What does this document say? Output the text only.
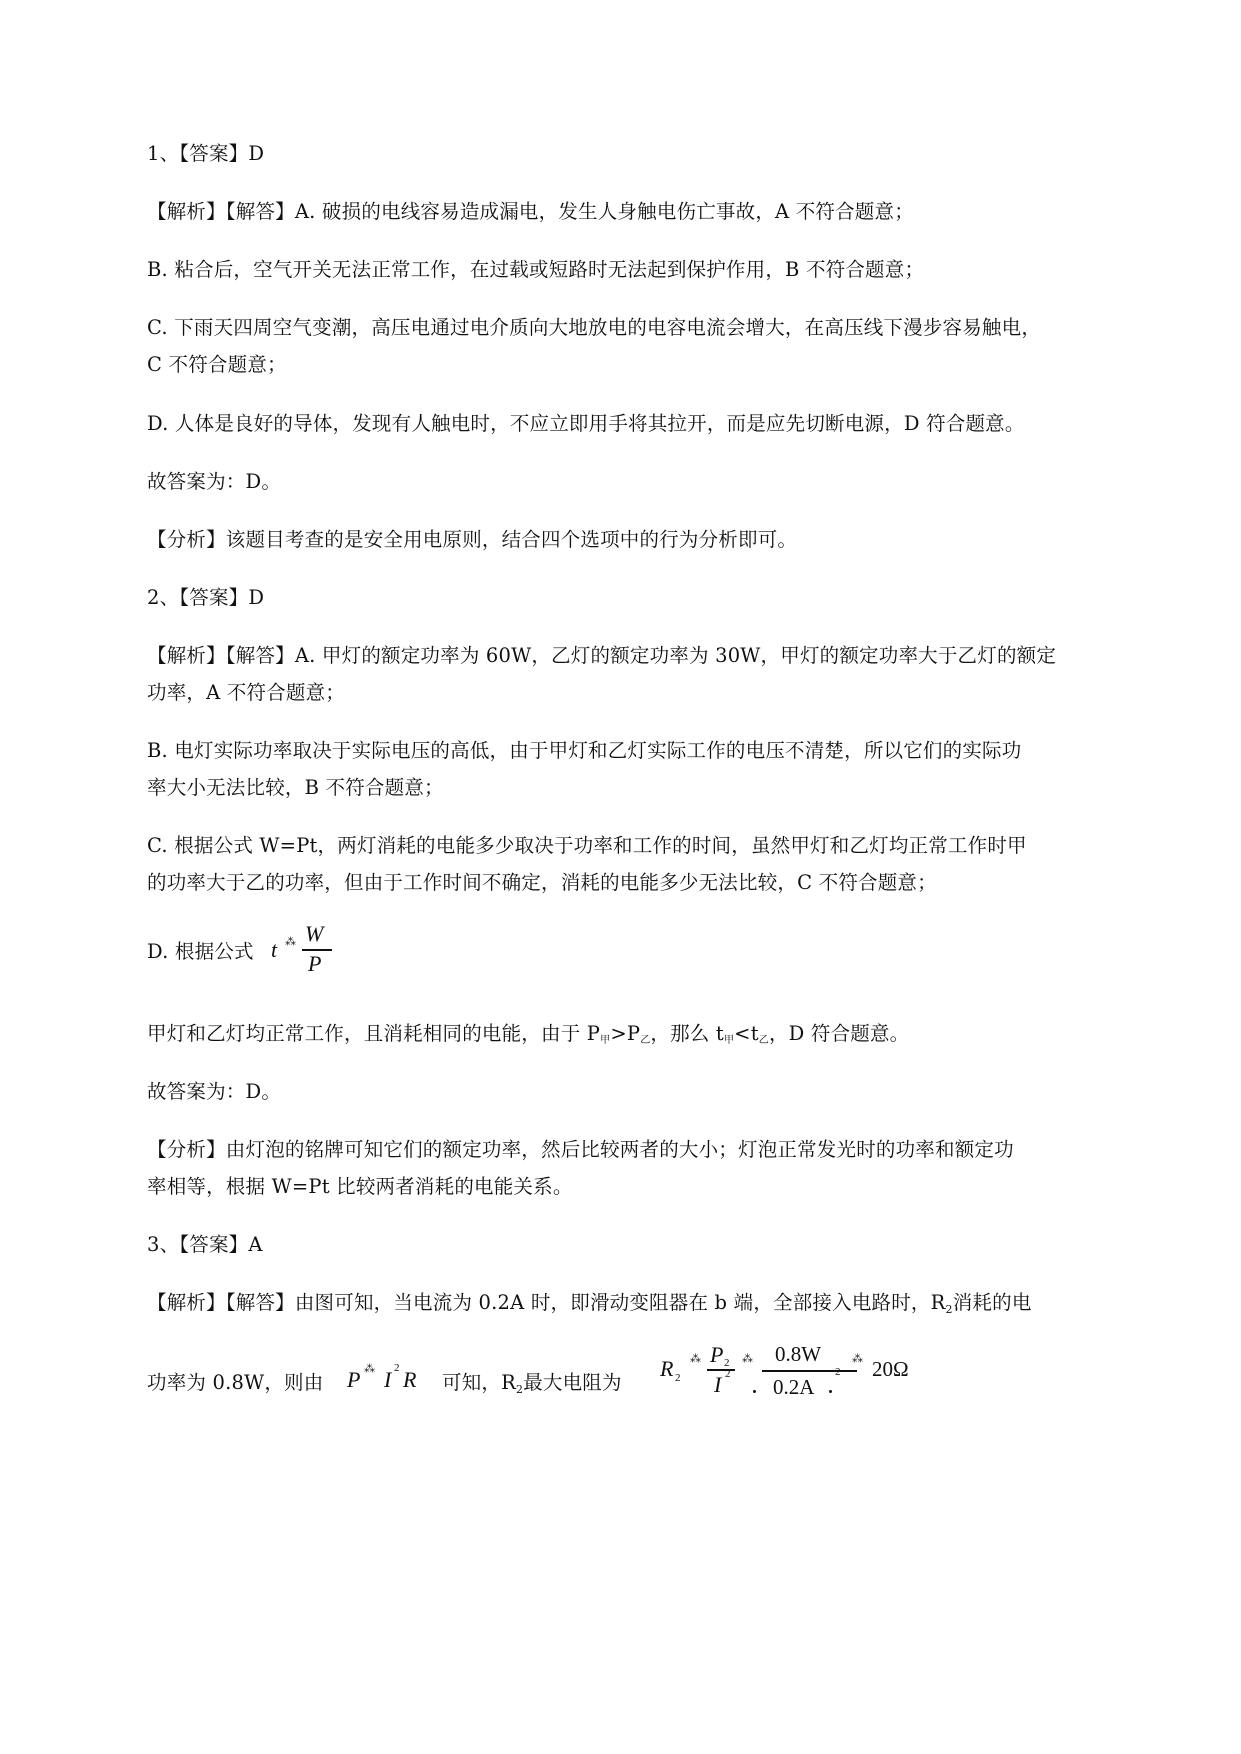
1、【答案】D
【解析】【解答】A. 破损的电线容易造成漏电，发生人身触电伤亡事故，A 不符合题意；
B. 粘合后，空气开关无法正常工作，在过载或短路时无法起到保护作用，B 不符合题意；
C. 下雨天四周空气变潮，高压电通过电介质向大地放电的电容电流会增大，在高压线下漫步容易触电，
C 不符合题意；
D. 人体是良好的导体，发现有人触电时，不应立即用手将其拉开，而是应先切断电源，D 符合题意。
故答案为：D。
【分析】该题目考查的是安全用电原则，结合四个选项中的行为分析即可。
2、【答案】D
【解析】【解答】A. 甲灯的额定功率为 60W，乙灯的额定功率为 30W，甲灯的额定功率大于乙灯的额定
功率，A 不符合题意；
B. 电灯实际功率取决于实际电压的高低，由于甲灯和乙灯实际工作的电压不清楚，所以它们的实际功
率大小无法比较，B 不符合题意；
C. 根据公式 W=Pt，两灯消耗的电能多少取决于功率和工作的时间，虽然甲灯和乙灯均正常工作时甲
的功率大于乙的功率，但由于工作时间不确定，消耗的电能多少无法比较，C 不符合题意；
D. 根据公式 t ⁂ W
P
甲灯和乙灯均正常工作，且消耗相同的电能，由于 P甲>P乙，那么 t甲<t乙，D 符合题意。
故答案为：D。
【分析】由灯泡的铭牌可知它们的额定功率，然后比较两者的大小；灯泡正常发光时的功率和额定功
率相等，根据 W=Pt 比较两者消耗的电能关系。
3、【答案】A
【解析】【解答】由图可知，当电流为 0.2A 时，即滑动变阻器在 b 端，全部接入电路时，$R_2$消耗的电
功率为 0.8W，则由 P ⁂ I 2 R 可知，$R_2$最大电阻为
R 2
⁂ P 2
I 2
⁂ 0.8W
0.2A
2
⁂ 20Ω
